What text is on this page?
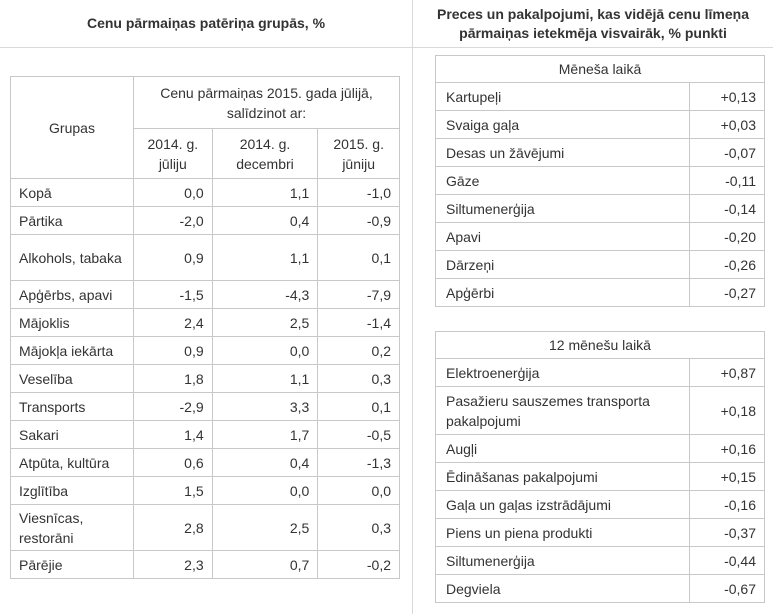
Cenu pārmaiņas patēriņa grupās, %
Grupas	Cenu pārmaiņas 2015. gada jūlijā, salīdzinot ar:		
	2014. g. jūliju	2014. g. decembri	2015. g. jūniju
Kopā	0,0	1,1	-1,0
Pārtika	-2,0	0,4	-0,9
Alkohols, tabaka	0,9	1,1	0,1
Apģērbs, apavi	-1,5	-4,3	-7,9
Mājoklis	2,4	2,5	-1,4
Mājokļa iekārta	0,9	0,0	0,2
Veselība	1,8	1,1	0,3
Transports	-2,9	3,3	0,1
Sakari	1,4	1,7	-0,5
Atpūta, kultūra	0,6	0,4	-1,3
Izglītība	1,5	0,0	0,0
Viesnīcas, restorāni	2,8	2,5	0,3
Pārējie	2,3	0,7	-0,2
Preces un pakalpojumi, kas vidējā cenu līmeņa pārmaiņas ietekmēja visvairāk, % punkti
Mēneša laikā	
Kartupeļi	+0,13
Svaiga gaļa	+0,03
Desas un žāvējumi	-0,07
Gāze	-0,11
Siltumenerģija	-0,14
Apavi	-0,20
Dārzeņi	-0,26
Apģērbi	-0,27
12 mēnešu laikā	
Elektroenerģija	+0,87
Pasažieru sauszemes transporta pakalpojumi	+0,18
Augļi	+0,16
Ēdināšanas pakalpojumi	+0,15
Gaļa un gaļas izstrādājumi	-0,16
Piens un piena produkti	-0,37
Siltumenerģija	-0,44
Degviela	-0,67
